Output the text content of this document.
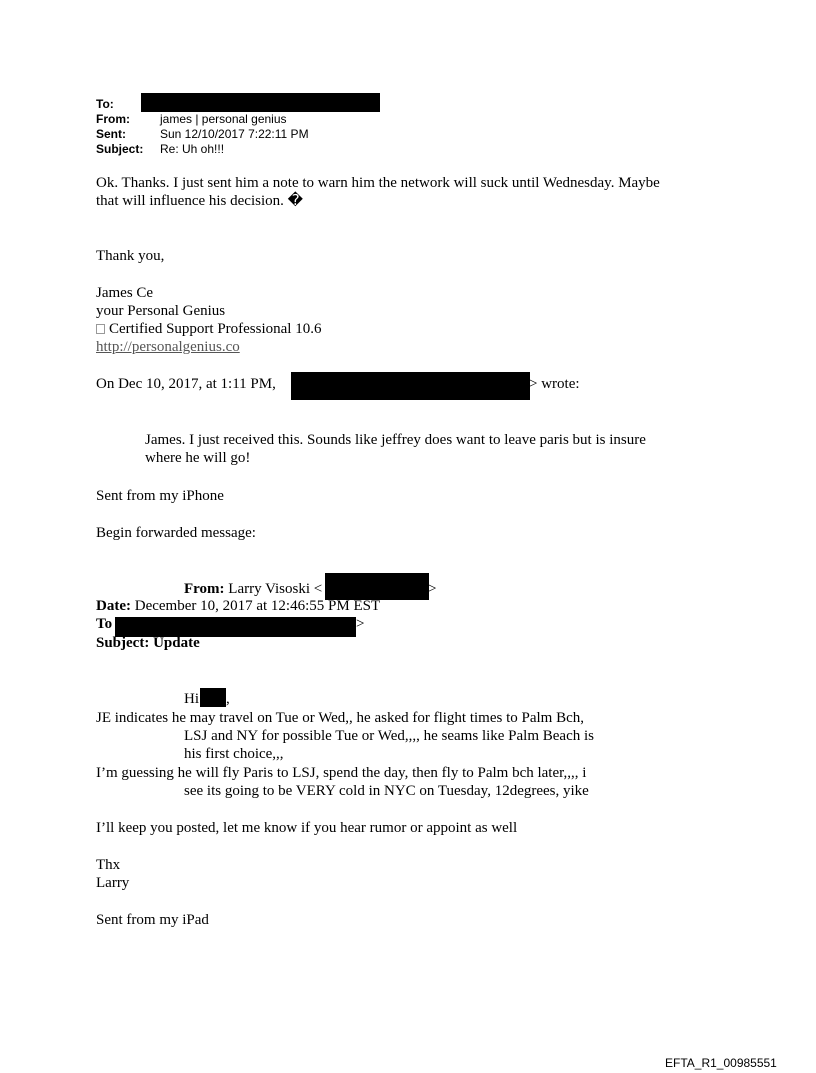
To:
From:	james | personal genius
Sent:	Sun 12/10/2017 7:22:11 PM
Subject: Re: Uh oh!!!
Ok. Thanks. I just sent him a note to warn him the network will suck until Wednesday. Maybe
that will influence his decision. �
Thank you,
James Ce
your Personal Genius
Certified Support Professional 10.6
http://personalgenius.co
On Dec 10, 2017, at 1:11 PM,	> wrote:
James. I just received this. Sounds like jeffrey does want to leave paris but is insure
where he will go!
Sent from my iPhone
Begin forwarded message:
From: Larry Visoski <	>
Date: December 10, 2017 at 12:46:55 PM EST
To	>
Subject: Update
Hi ,
JE indicates he may travel on Tue or Wed,, he asked for flight times to Palm Bch,
LSJ and NY for possible Tue or Wed,,,, he seams like Palm Beach is
his first choice,,,
I’m guessing he will fly Paris to LSJ, spend the day, then fly to Palm bch later,,,, i
see its going to be VERY cold in NYC on Tuesday, 12degrees, yike
I’ll keep you posted, let me know if you hear rumor or appoint as well
Thx
Larry
Sent from my iPad
EFTA_R1_00985551
